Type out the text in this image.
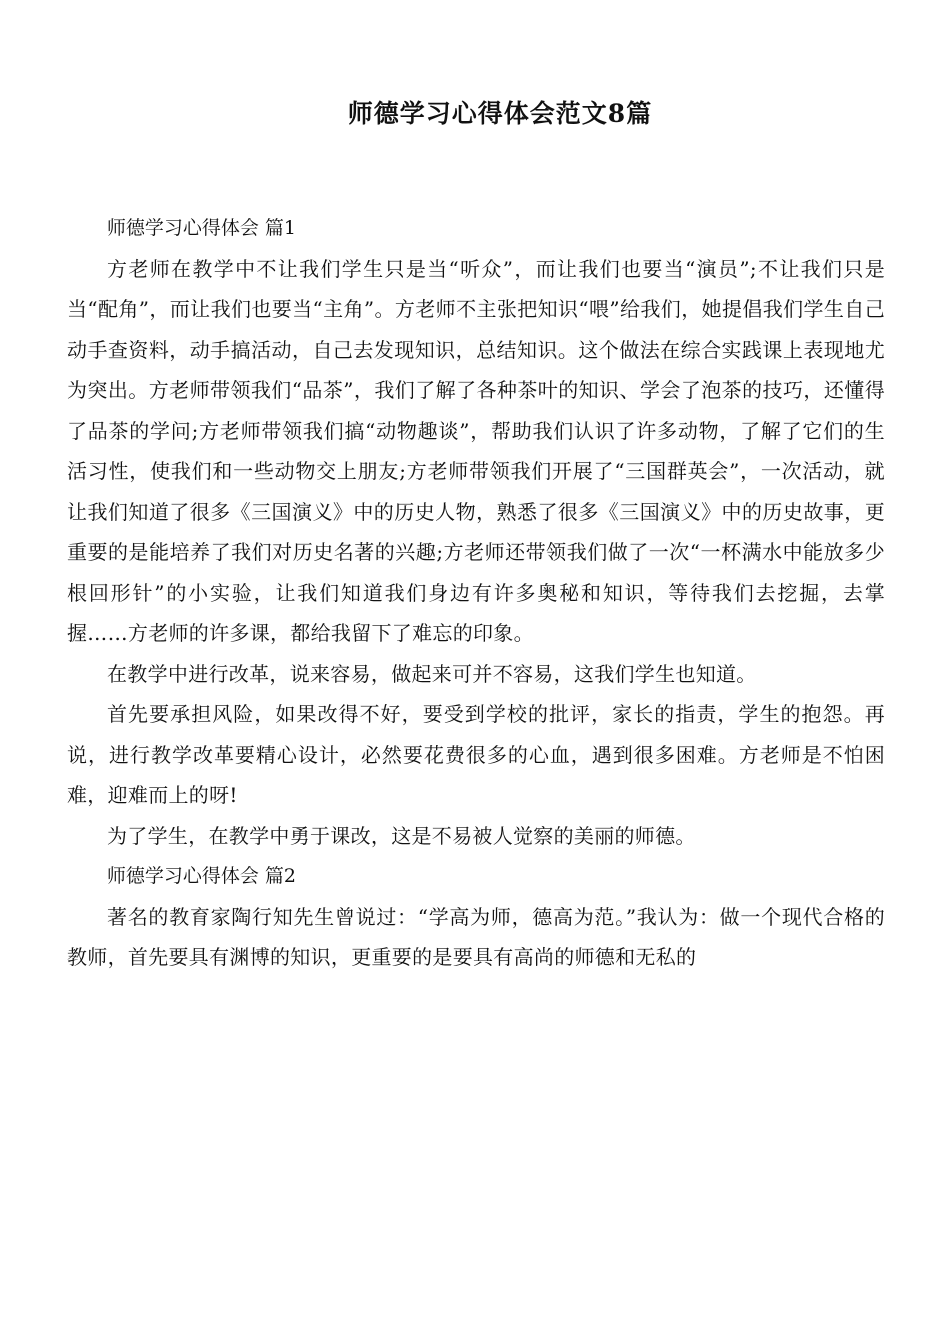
师德学习心得体会范文8篇

师德学习心得体会 篇1

方老师在教学中不让我们学生只是当“听众”，而让我们也要当“演员”;不让我们只是当“配角”，而让我们也要当“主角”。方老师不主张把知识“喂”给我们，她提倡我们学生自己动手查资料，动手搞活动，自己去发现知识，总结知识。这个做法在综合实践课上表现地尤为突出。方老师带领我们“品茶”，我们了解了各种茶叶的知识、学会了泡茶的技巧，还懂得了品茶的学问;方老师带领我们搞“动物趣谈”，帮助我们认识了许多动物，了解了它们的生活习性，使我们和一些动物交上朋友;方老师带领我们开展了“三国群英会”，一次活动，就让我们知道了很多《三国演义》中的历史人物，熟悉了很多《三国演义》中的历史故事，更重要的是能培养了我们对历史名著的兴趣;方老师还带领我们做了一次“一杯满水中能放多少根回形针”的小实验，让我们知道我们身边有许多奥秘和知识，等待我们去挖掘，去掌握……方老师的许多课，都给我留下了难忘的印象。

在教学中进行改革，说来容易，做起来可并不容易，这我们学生也知道。

首先要承担风险，如果改得不好，要受到学校的批评，家长的指责，学生的抱怨。再说，进行教学改革要精心设计，必然要花费很多的心血，遇到很多困难。方老师是不怕困难，迎难而上的呀!

为了学生，在教学中勇于课改，这是不易被人觉察的美丽的师德。

师德学习心得体会 篇2

著名的教育家陶行知先生曾说过：“学高为师，德高为范。”我认为：做一个现代合格的教师，首先要具有渊博的知识，更重要的是要具有高尚的师德和无私的
